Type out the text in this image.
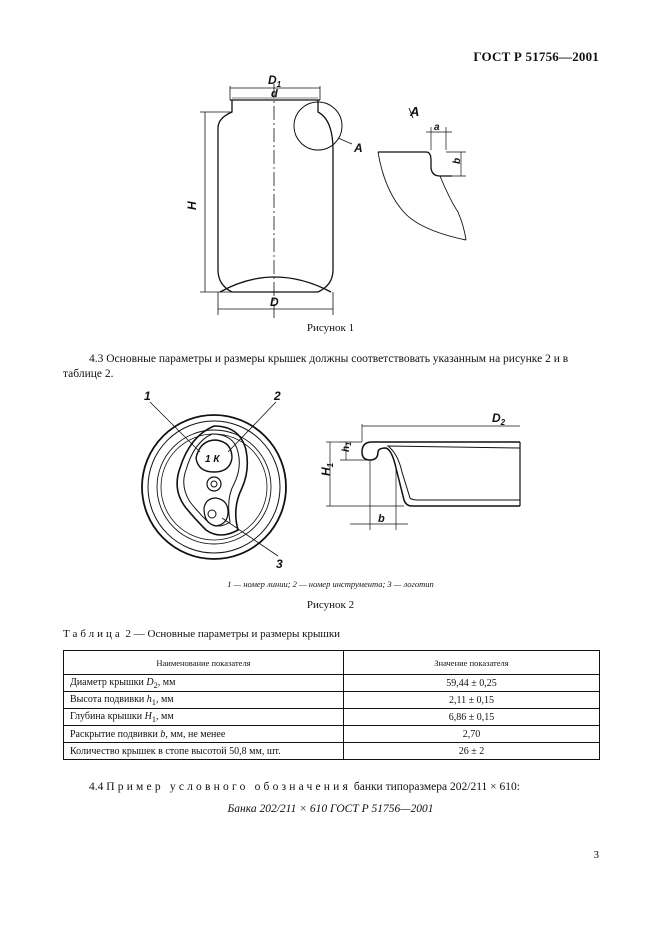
ГОСТ Р 51756—2001
$D_1$
d
H
D
A
A
a
b
Рисунок 1
4.3 Основные параметры и размеры крышек должны соответствовать указанным на рисунке 2 и в таблице 2.
1	2
3
1 К
$D_2$
$h_1$
$H_1$
b
1 — номер линии; 2 — номер инструмента; 3 — логотип
Рисунок 2
Таблица 2 — Основные параметры и размеры крышки
Наименование показателя	Значение показателя
Диаметр крышки $D_2$, мм	59,44 ± 0,25
Высота подвивки $h_1$, мм	2,11 ± 0,15
Глубина крышки $H_1$, мм	6,86 ± 0,15
Раскрытие подвивки b, мм, не менее	2,70
Количество крышек в стопе высотой 50,8 мм, шт.	26 ± 2
4.4 Пример условного обозначения банки типоразмера 202/211 × 610:
Банка 202/211 × 610 ГОСТ Р 51756—2001
3
